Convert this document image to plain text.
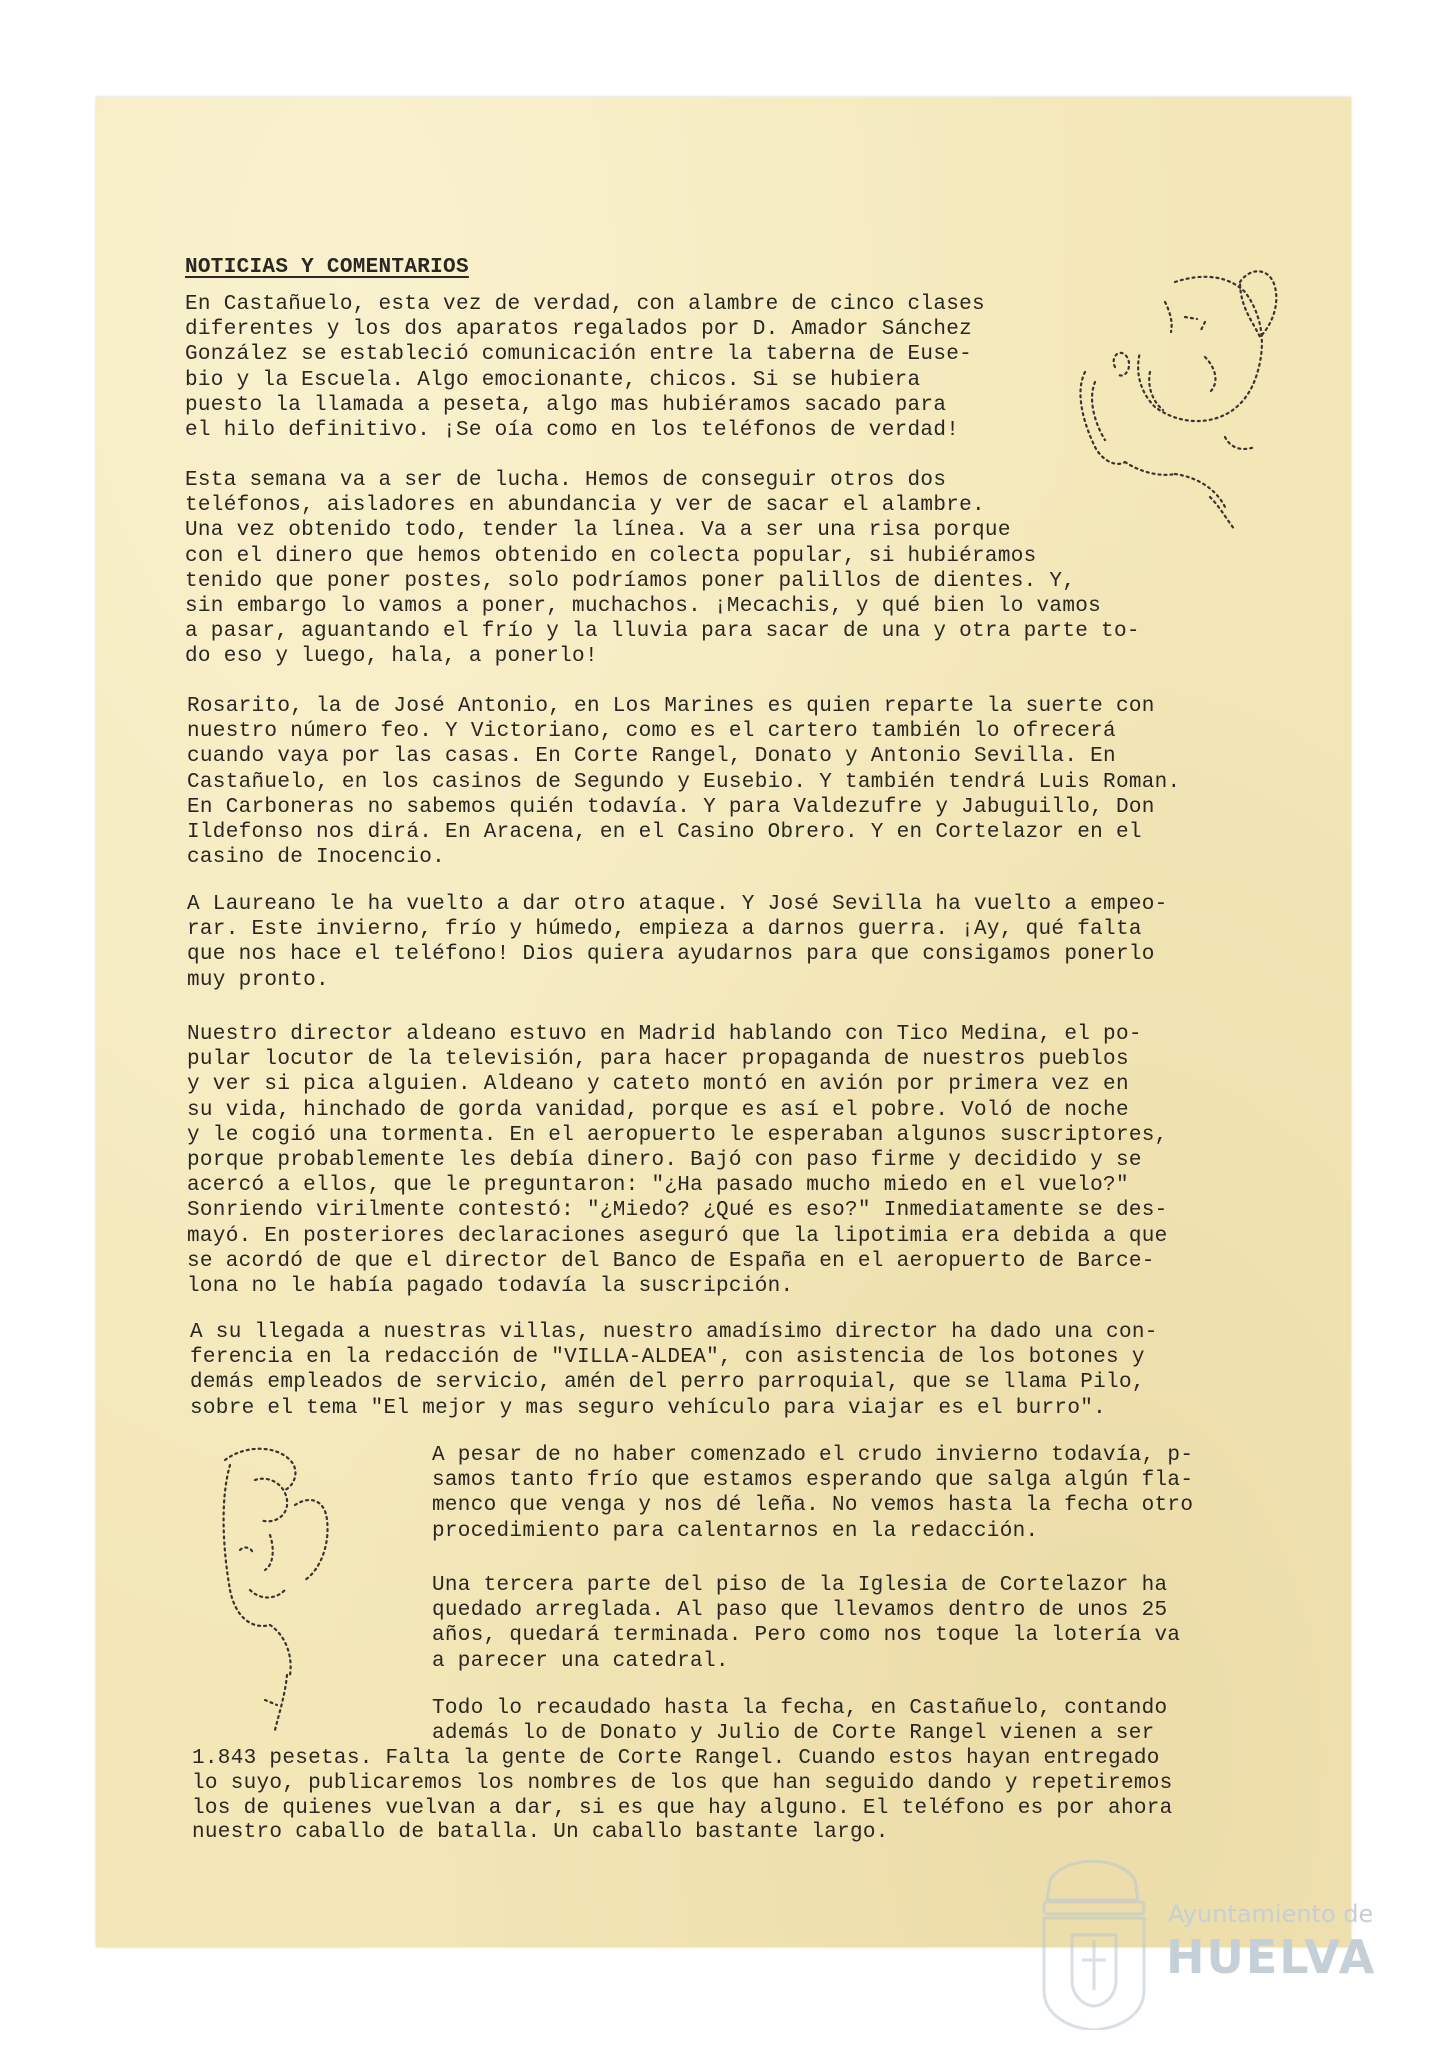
NOTICIAS Y COMENTARIOS

En Castañuelo, esta vez de verdad, con alambre de cinco clases
diferentes y los dos aparatos regalados por D. Amador Sánchez
González se estableció comunicación entre la taberna de Euse-
bio y la Escuela. Algo emocionante, chicos. Si se hubiera
puesto la llamada a peseta, algo mas hubiéramos sacado para
el hilo definitivo. ¡Se oía como en los teléfonos de verdad!

Esta semana va a ser de lucha. Hemos de conseguir otros dos
teléfonos, aisladores en abundancia y ver de sacar el alambre.
Una vez obtenido todo, tender la línea. Va a ser una risa porque
con el dinero que hemos obtenido en colecta popular, si hubiéramos
tenido que poner postes, solo podríamos poner palillos de dientes. Y,
sin embargo lo vamos a poner, muchachos. ¡Mecachis, y qué bien lo vamos
a pasar, aguantando el frío y la lluvia para sacar de una y otra parte to-
do eso y luego, hala, a ponerlo!

Rosarito, la de José Antonio, en Los Marines es quien reparte la suerte con
nuestro número feo. Y Victoriano, como es el cartero también lo ofrecerá
cuando vaya por las casas. En Corte Rangel, Donato y Antonio Sevilla. En
Castañuelo, en los casinos de Segundo y Eusebio. Y también tendrá Luis Roman.
En Carboneras no sabemos quién todavía. Y para Valdezufre y Jabuguillo, Don
Ildefonso nos dirá. En Aracena, en el Casino Obrero. Y en Cortelazor en el
casino de Inocencio.

A Laureano le ha vuelto a dar otro ataque. Y José Sevilla ha vuelto a empeo-
rar. Este invierno, frío y húmedo, empieza a darnos guerra. ¡Ay, qué falta
que nos hace el teléfono! Dios quiera ayudarnos para que consigamos ponerlo
muy pronto.

Nuestro director aldeano estuvo en Madrid hablando con Tico Medina, el po-
pular locutor de la televisión, para hacer propaganda de nuestros pueblos
y ver si pica alguien. Aldeano y cateto montó en avión por primera vez en
su vida, hinchado de gorda vanidad, porque es así el pobre. Voló de noche
y le cogió una tormenta. En el aeropuerto le esperaban algunos suscriptores,
porque probablemente les debía dinero. Bajó con paso firme y decidido y se
acercó a ellos, que le preguntaron: "¿Ha pasado mucho miedo en el vuelo?"
Sonriendo virilmente contestó: "¿Miedo? ¿Qué es eso?" Inmediatamente se des-
mayó. En posteriores declaraciones aseguró que la lipotimia era debida a que
se acordó de que el director del Banco de España en el aeropuerto de Barce-
lona no le había pagado todavía la suscripción.

A su llegada a nuestras villas, nuestro amadísimo director ha dado una con-
ferencia en la redacción de "VILLA-ALDEA", con asistencia de los botones y
demás empleados de servicio, amén del perro parroquial, que se llama Pilo,
sobre el tema "El mejor y mas seguro vehículo para viajar es el burro".

A pesar de no haber comenzado el crudo invierno todavía, p-
samos tanto frío que estamos esperando que salga algún fla-
menco que venga y nos dé leña. No vemos hasta la fecha otro
procedimiento para calentarnos en la redacción.

Una tercera parte del piso de la Iglesia de Cortelazor ha
quedado arreglada. Al paso que llevamos dentro de unos 25
años, quedará terminada. Pero como nos toque la lotería va
a parecer una catedral.

Todo lo recaudado hasta la fecha, en Castañuelo, contando
además lo de Donato y Julio de Corte Rangel vienen a ser

1.843 pesetas. Falta la gente de Corte Rangel. Cuando estos hayan entregado
lo suyo, publicaremos los nombres de los que han seguido dando y repetiremos
los de quienes vuelvan a dar, si es que hay alguno. El teléfono es por ahora
nuestro caballo de batalla. Un caballo bastante largo.

Ayuntamiento de
HUELVA
